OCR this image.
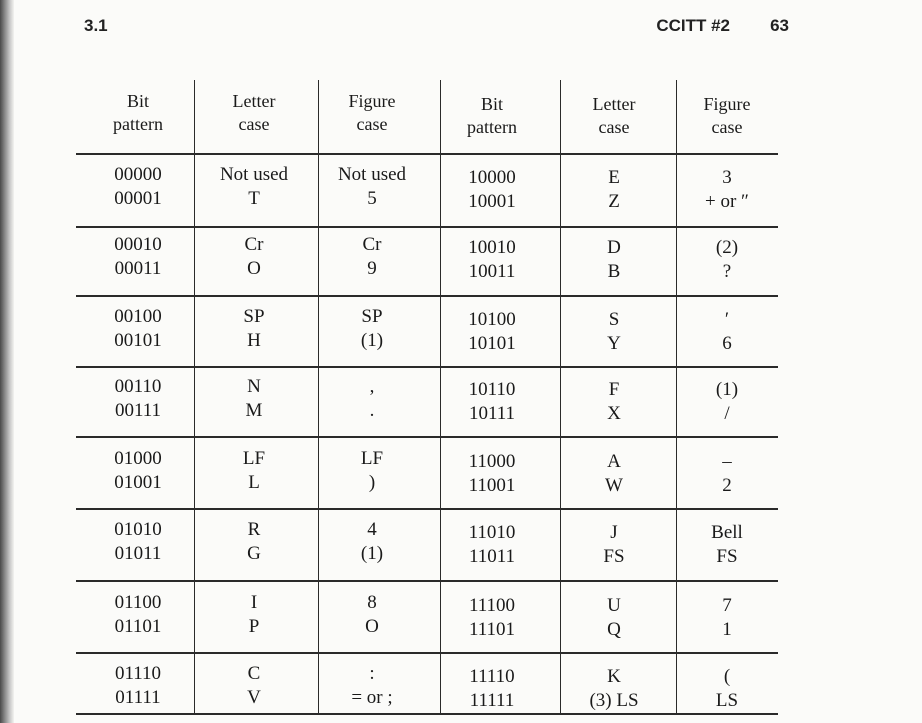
3.1	CCITT #2 63
Bit
pattern
Letter
case
Figure
case
Bit
pattern
Letter
case
Figure
case
00000
00001
Not used
T
Not used
5
10000
10001
E
Z
3
+ or ″
00010
00011
Cr
O
Cr
9
10010
10011
D
B
(2)
?
00100
00101
SP
H
SP
(1)
10100
10101
S
Y
′
6
00110
00111
N
M
,
.
10110
10111
F
X
(1)
/
01000
01001
LF
L
LF
)
11000
11001
A
W
–
2
01010
01011
R
G
4
(1)
11010
11011
J
FS
Bell
FS
01100
01101
I
P
8
O
11100
11101
U
Q
7
1
01110
01111
C
V
:
= or ;
11110
11111
K
(3) LS
(
LS
